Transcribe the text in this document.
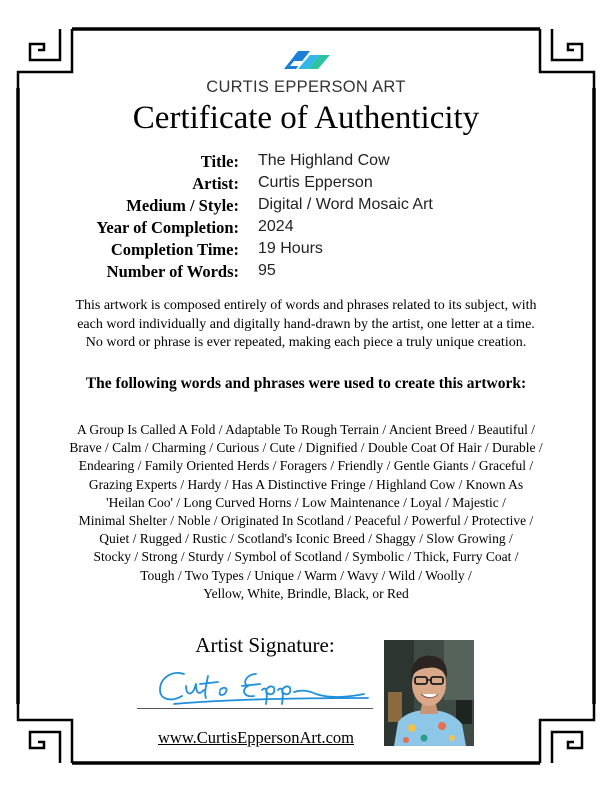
CURTIS EPPERSON ART
Certificate of Authenticity
Title: The Highland Cow
Artist: Curtis Epperson
Medium / Style: Digital / Word Mosaic Art
Year of Completion: 2024
Completion Time: 19 Hours
Number of Words: 95
This artwork is composed entirely of words and phrases related to its subject, with
each word individually and digitally hand-drawn by the artist, one letter at a time.
No word or phrase is ever repeated, making each piece a truly unique creation.
The following words and phrases were used to create this artwork:
A Group Is Called A Fold / Adaptable To Rough Terrain / Ancient Breed / Beautiful /
Brave / Calm / Charming / Curious / Cute / Dignified / Double Coat Of Hair / Durable /
Endearing / Family Oriented Herds / Foragers / Friendly / Gentle Giants / Graceful /
Grazing Experts / Hardy / Has A Distinctive Fringe / Highland Cow / Known As
'Heilan Coo' / Long Curved Horns / Low Maintenance / Loyal / Majestic /
Minimal Shelter / Noble / Originated In Scotland / Peaceful / Powerful / Protective /
Quiet / Rugged / Rustic / Scotland's Iconic Breed / Shaggy / Slow Growing /
Stocky / Strong / Sturdy / Symbol of Scotland / Symbolic / Thick, Furry Coat /
Tough / Two Types / Unique / Warm / Wavy / Wild / Woolly /
Yellow, White, Brindle, Black, or Red
Artist Signature:
www.CurtisEppersonArt.com
